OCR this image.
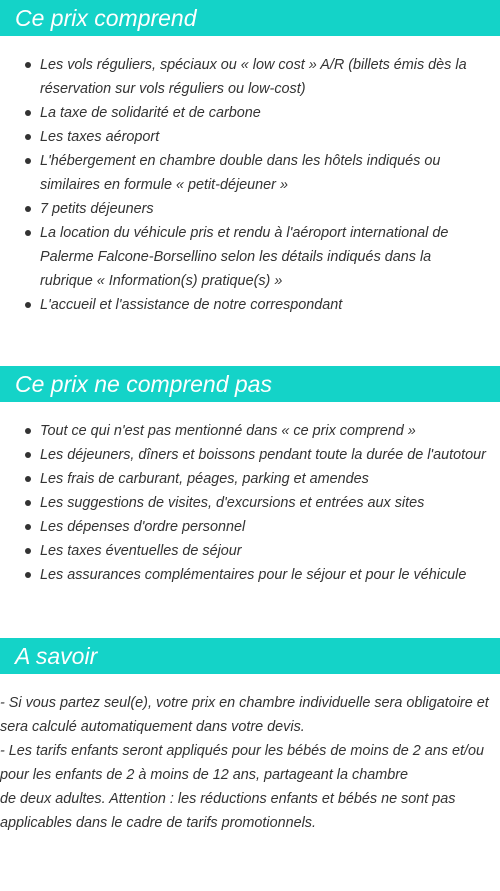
Ce prix comprend
Les vols réguliers, spéciaux ou « low cost » A/R (billets émis dès la réservation sur vols réguliers ou low-cost)
La taxe de solidarité et de carbone
Les taxes aéroport
L'hébergement en chambre double dans les hôtels indiqués ou similaires en formule « petit-déjeuner »
7 petits déjeuners
La location du véhicule pris et rendu à l'aéroport international de Palerme Falcone-Borsellino selon les détails indiqués dans la rubrique « Information(s) pratique(s) »
L'accueil et l'assistance de notre correspondant
Ce prix ne comprend pas
Tout ce qui n'est pas mentionné dans « ce prix comprend »
Les déjeuners, dîners et boissons pendant toute la durée de l'autotour
Les frais de carburant, péages, parking et amendes
Les suggestions de visites, d'excursions et entrées aux sites
Les dépenses d'ordre personnel
Les taxes éventuelles de séjour
Les assurances complémentaires pour le séjour et pour le véhicule
A savoir

- Si vous partez seul(e), votre prix en chambre individuelle sera obligatoire et sera calculé automatiquement dans votre devis.

- Les tarifs enfants seront appliqués pour les bébés de moins de 2 ans et/ou pour les enfants de 2 à moins de 12 ans, partageant la chambre

de deux adultes. Attention : les réductions enfants et bébés ne sont pas applicables dans le cadre de tarifs promotionnels.
